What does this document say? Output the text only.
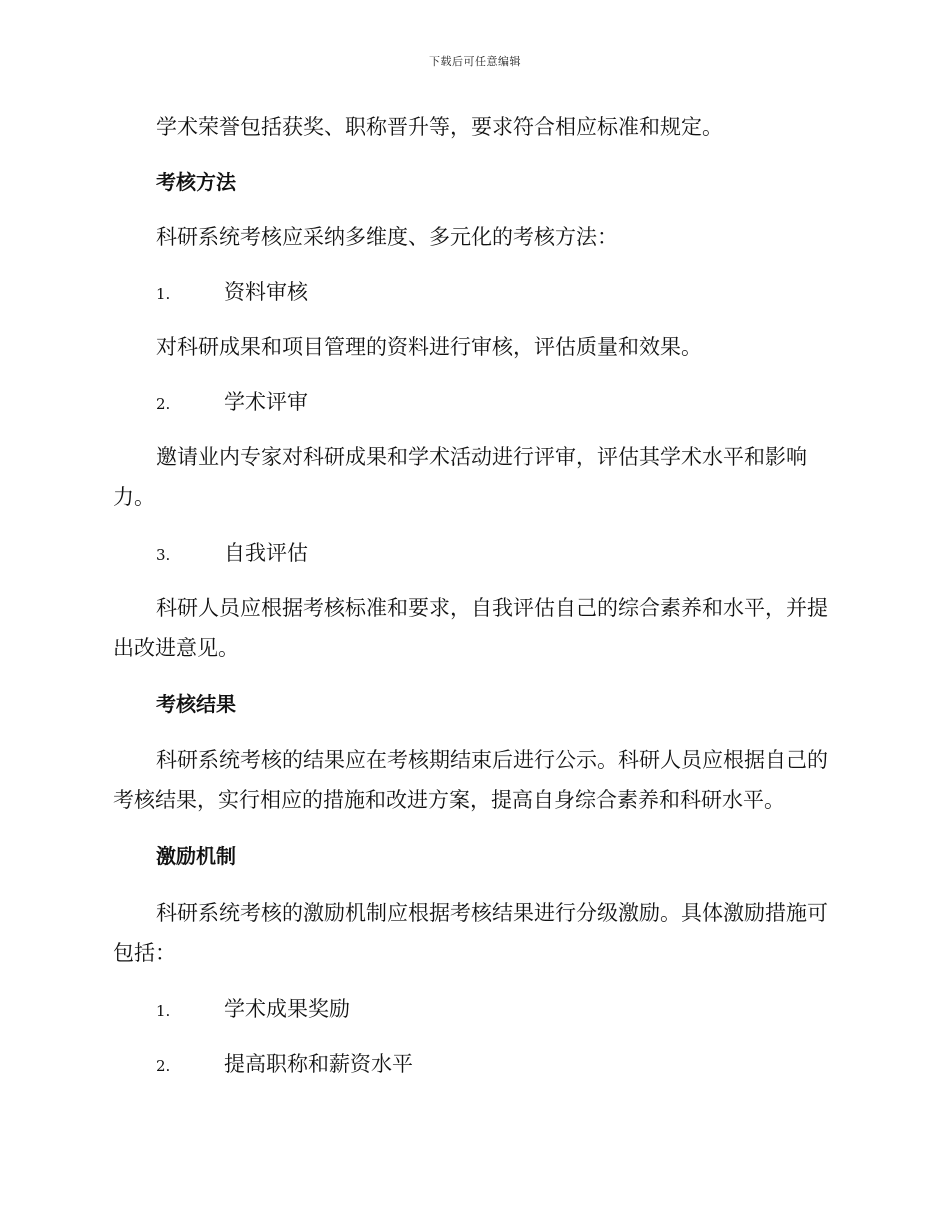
下载后可任意编辑
学术荣誉包括获奖、职称晋升等，要求符合相应标准和规定。
考核方法
科研系统考核应采纳多维度、多元化的考核方法：
1.	资料审核
对科研成果和项目管理的资料进行审核，评估质量和效果。
2.	学术评审
邀请业内专家对科研成果和学术活动进行评审，评估其学术水平和影响力。
3.	自我评估
科研人员应根据考核标准和要求，自我评估自己的综合素养和水平，并提出改进意见。
考核结果
科研系统考核的结果应在考核期结束后进行公示。科研人员应根据自己的考核结果，实行相应的措施和改进方案，提高自身综合素养和科研水平。
激励机制
科研系统考核的激励机制应根据考核结果进行分级激励。具体激励措施可包括：
1.	学术成果奖励
2.	提高职称和薪资水平
